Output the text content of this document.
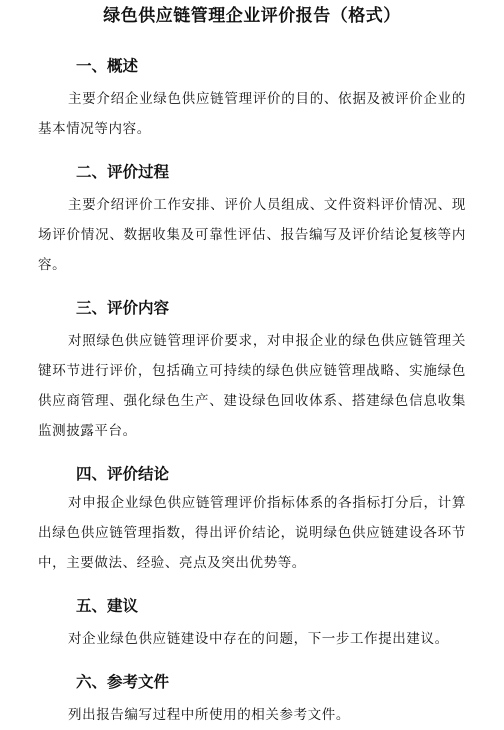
绿色供应链管理企业评价报告（格式）
一、概述

主要介绍企业绿色供应链管理评价的目的、依据及被评价企业的基本情况等内容。

二、评价过程

主要介绍评价工作安排、评价人员组成、文件资料评价情况、现场评价情况、数据收集及可靠性评估、报告编写及评价结论复核等内容。

三、评价内容

对照绿色供应链管理评价要求，对申报企业的绿色供应链管理关键环节进行评价，包括确立可持续的绿色供应链管理战略、实施绿色供应商管理、强化绿色生产、建设绿色回收体系、搭建绿色信息收集监测披露平台。

四、评价结论

对申报企业绿色供应链管理评价指标体系的各指标打分后，计算出绿色供应链管理指数，得出评价结论，说明绿色供应链建设各环节中，主要做法、经验、亮点及突出优势等。

五、建议

对企业绿色供应链建设中存在的问题，下一步工作提出建议。

六、参考文件

列出报告编写过程中所使用的相关参考文件。
